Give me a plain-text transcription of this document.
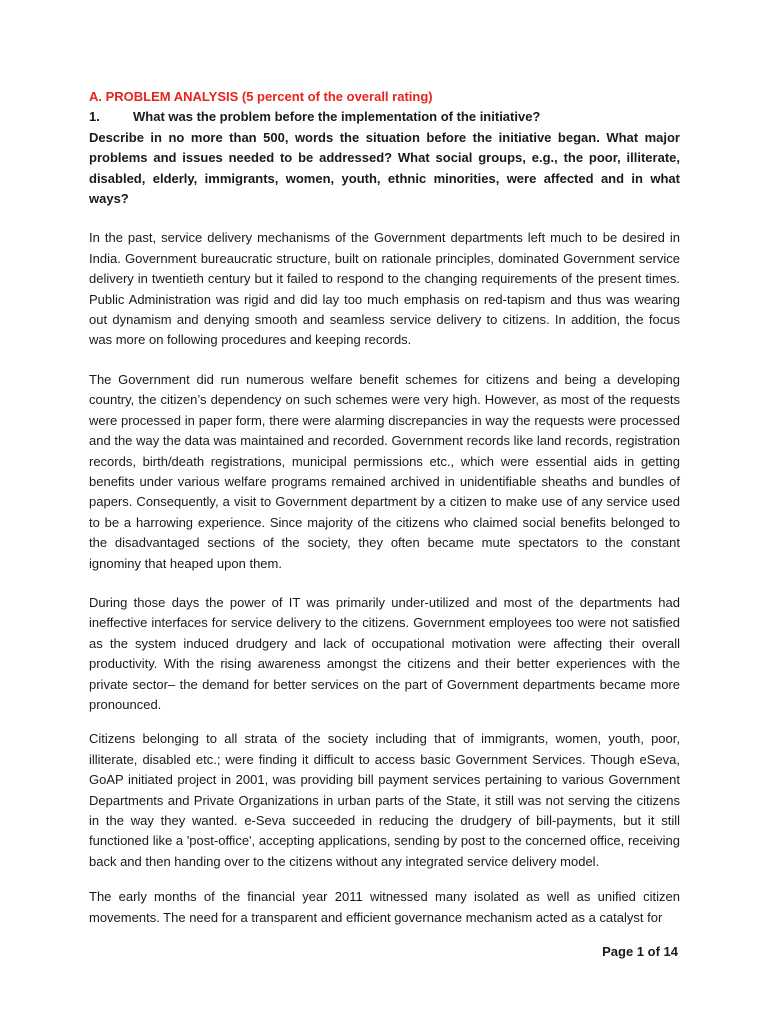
A. PROBLEM ANALYSIS (5 percent of the overall rating)

1.	What was the problem before the implementation of the initiative?

Describe in no more than 500, words the situation before the initiative began. What major problems and issues needed to be addressed? What social groups, e.g., the poor, illiterate, disabled, elderly, immigrants, women, youth, ethnic minorities, were affected and in what ways?

In the past, service delivery mechanisms of the Government departments left much to be desired in India. Government bureaucratic structure, built on rationale principles, dominated Government service delivery in twentieth century but it failed to respond to the changing requirements of the present times. Public Administration was rigid and did lay too much emphasis on red-tapism and thus was wearing out dynamism and denying smooth and seamless service delivery to citizens. In addition, the focus was more on following procedures and keeping records.

The Government did run numerous welfare benefit schemes for citizens and being a developing country, the citizen’s dependency on such schemes were very high. However, as most of the requests were processed in paper form, there were alarming discrepancies in way the requests were processed and the way the data was maintained and recorded. Government records like land records, registration records, birth/death registrations, municipal permissions etc., which were essential aids in getting benefits under various welfare programs remained archived in unidentifiable sheaths and bundles of papers. Consequently, a visit to Government department by a citizen to make use of any service used to be a harrowing experience. Since majority of the citizens who claimed social benefits belonged to the disadvantaged sections of the society, they often became mute spectators to the constant ignominy that heaped upon them.

During those days the power of IT was primarily under-utilized and most of the departments had ineffective interfaces for service delivery to the citizens. Government employees too were not satisfied as the system induced drudgery and lack of occupational motivation were affecting their overall productivity. With the rising awareness amongst the citizens and their better experiences with the private sector– the demand for better services on the part of Government departments became more pronounced.

Citizens belonging to all strata of the society including that of immigrants, women, youth, poor, illiterate, disabled etc.; were finding it difficult to access basic Government Services. Though eSeva, GoAP initiated project in 2001, was providing bill payment services pertaining to various Government Departments and Private Organizations in urban parts of the State, it still was not serving the citizens in the way they wanted. e-Seva succeeded in reducing the drudgery of bill-payments, but it still functioned like a 'post-office', accepting applications, sending by post to the concerned office, receiving back and then handing over to the citizens without any integrated service delivery model.

The early months of the financial year 2011 witnessed many isolated as well as unified citizen movements. The need for a transparent and efficient governance mechanism acted as a catalyst for

Page 1 of 14
